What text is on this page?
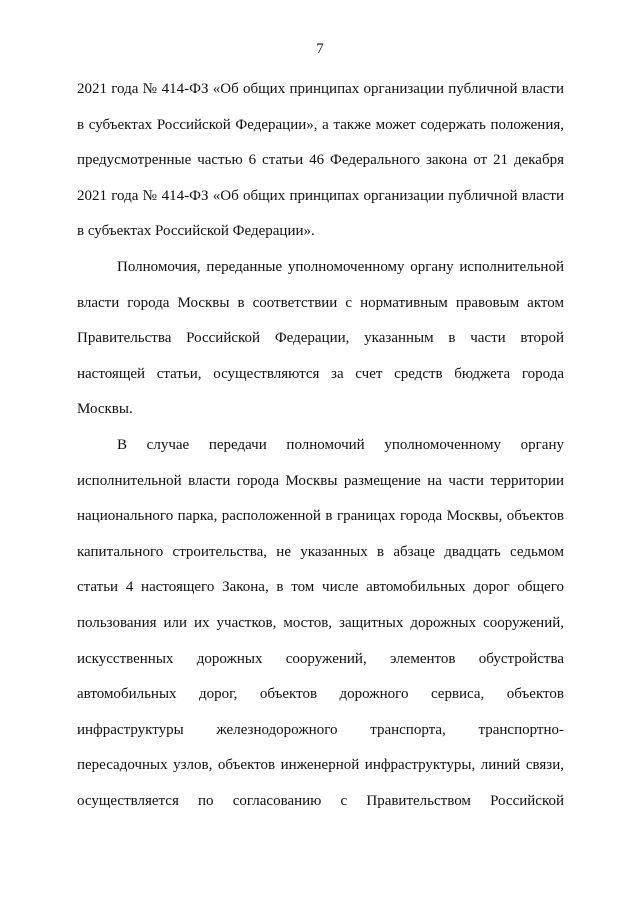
7
2021 года № 414-ФЗ «Об общих принципах организации публичной власти
в субъектах Российской Федерации», а также может содержать положения,
предусмотренные частью 6 статьи 46 Федерального закона от 21 декабря
2021 года № 414-ФЗ «Об общих принципах организации публичной власти
в субъектах Российской Федерации».
Полномочия, переданные уполномоченному органу исполнительной
власти города Москвы в соответствии с нормативным правовым актом
Правительства Российской Федерации, указанным в части второй
настоящей статьи, осуществляются за счет средств бюджета города
Москвы.
В случае передачи полномочий уполномоченному органу
исполнительной власти города Москвы размещение на части территории
национального парка, расположенной в границах города Москвы, объектов
капитального строительства, не указанных в абзаце двадцать седьмом
статьи 4 настоящего Закона, в том числе автомобильных дорог общего
пользования или их участков, мостов, защитных дорожных сооружений,
искусственных дорожных сооружений, элементов обустройства
автомобильных дорог, объектов дорожного сервиса, объектов
инфраструктуры железнодорожного транспорта, транспортно-
пересадочных узлов, объектов инженерной инфраструктуры, линий связи,
осуществляется по согласованию с Правительством Российской
